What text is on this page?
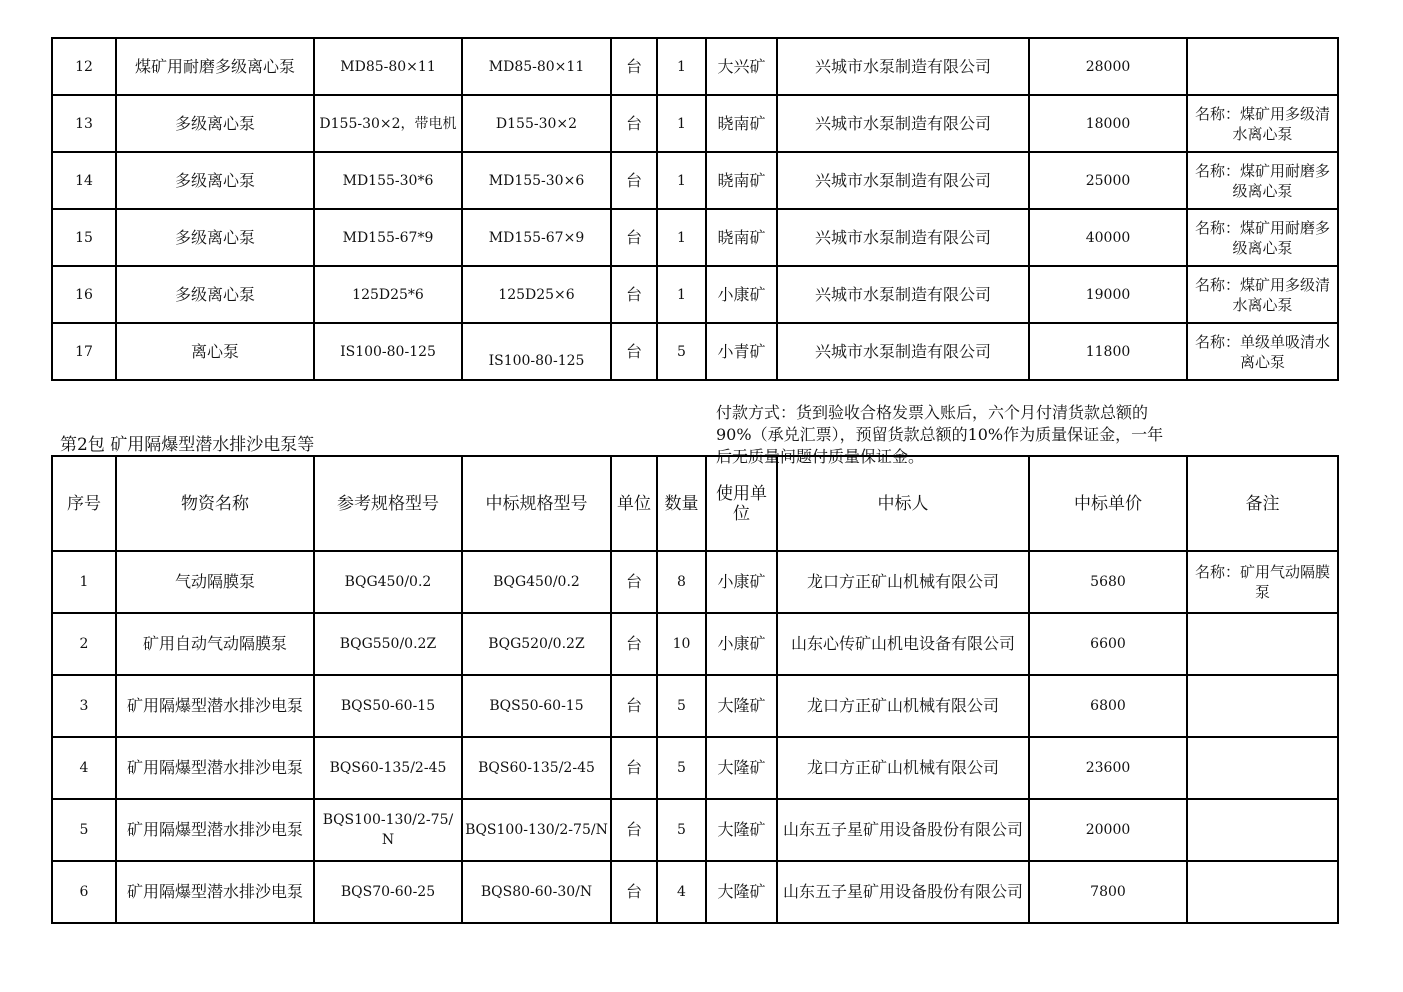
12	煤矿用耐磨多级离心泵	MD85-80×11	MD85-80×11	台	1	大兴矿	兴城市水泵制造有限公司	28000	
13	多级离心泵	D155-30×2，带电机	D155-30×2	台	1	晓南矿	兴城市水泵制造有限公司	18000	名称：煤矿用多级清水离心泵
14	多级离心泵	MD155-30*6	MD155-30×6	台	1	晓南矿	兴城市水泵制造有限公司	25000	名称：煤矿用耐磨多级离心泵
15	多级离心泵	MD155-67*9	MD155-67×9	台	1	晓南矿	兴城市水泵制造有限公司	40000	名称：煤矿用耐磨多级离心泵
16	多级离心泵	125D25*6	125D25×6	台	1	小康矿	兴城市水泵制造有限公司	19000	名称：煤矿用多级清水离心泵
17	离心泵	IS100-80-125	IS100-80-125	台	5	小青矿	兴城市水泵制造有限公司	11800	名称：单级单吸清水离心泵
第2包 矿用隔爆型潜水排沙电泵等
付款方式：货到验收合格发票入账后，六个月付清货款总额的90%（承兑汇票），预留货款总额的10%作为质量保证金，一年后无质量问题付质量保证金。
序号	物资名称	参考规格型号	中标规格型号	单位	数量	使用单位	中标人	中标单价	备注
1	气动隔膜泵	BQG450/0.2	BQG450/0.2	台	8	小康矿	龙口方正矿山机械有限公司	5680	名称：矿用气动隔膜泵
2	矿用自动气动隔膜泵	BQG550/0.2Z	BQG520/0.2Z	台	10	小康矿	山东心传矿山机电设备有限公司	6600	
3	矿用隔爆型潜水排沙电泵	BQS50-60-15	BQS50-60-15	台	5	大隆矿	龙口方正矿山机械有限公司	6800	
4	矿用隔爆型潜水排沙电泵	BQS60-135/2-45	BQS60-135/2-45	台	5	大隆矿	龙口方正矿山机械有限公司	23600	
5	矿用隔爆型潜水排沙电泵	BQS100-130/2-75/N	BQS100-130/2-75/N	台	5	大隆矿	山东五子星矿用设备股份有限公司	20000	
6	矿用隔爆型潜水排沙电泵	BQS70-60-25	BQS80-60-30/N	台	4	大隆矿	山东五子星矿用设备股份有限公司	7800	
